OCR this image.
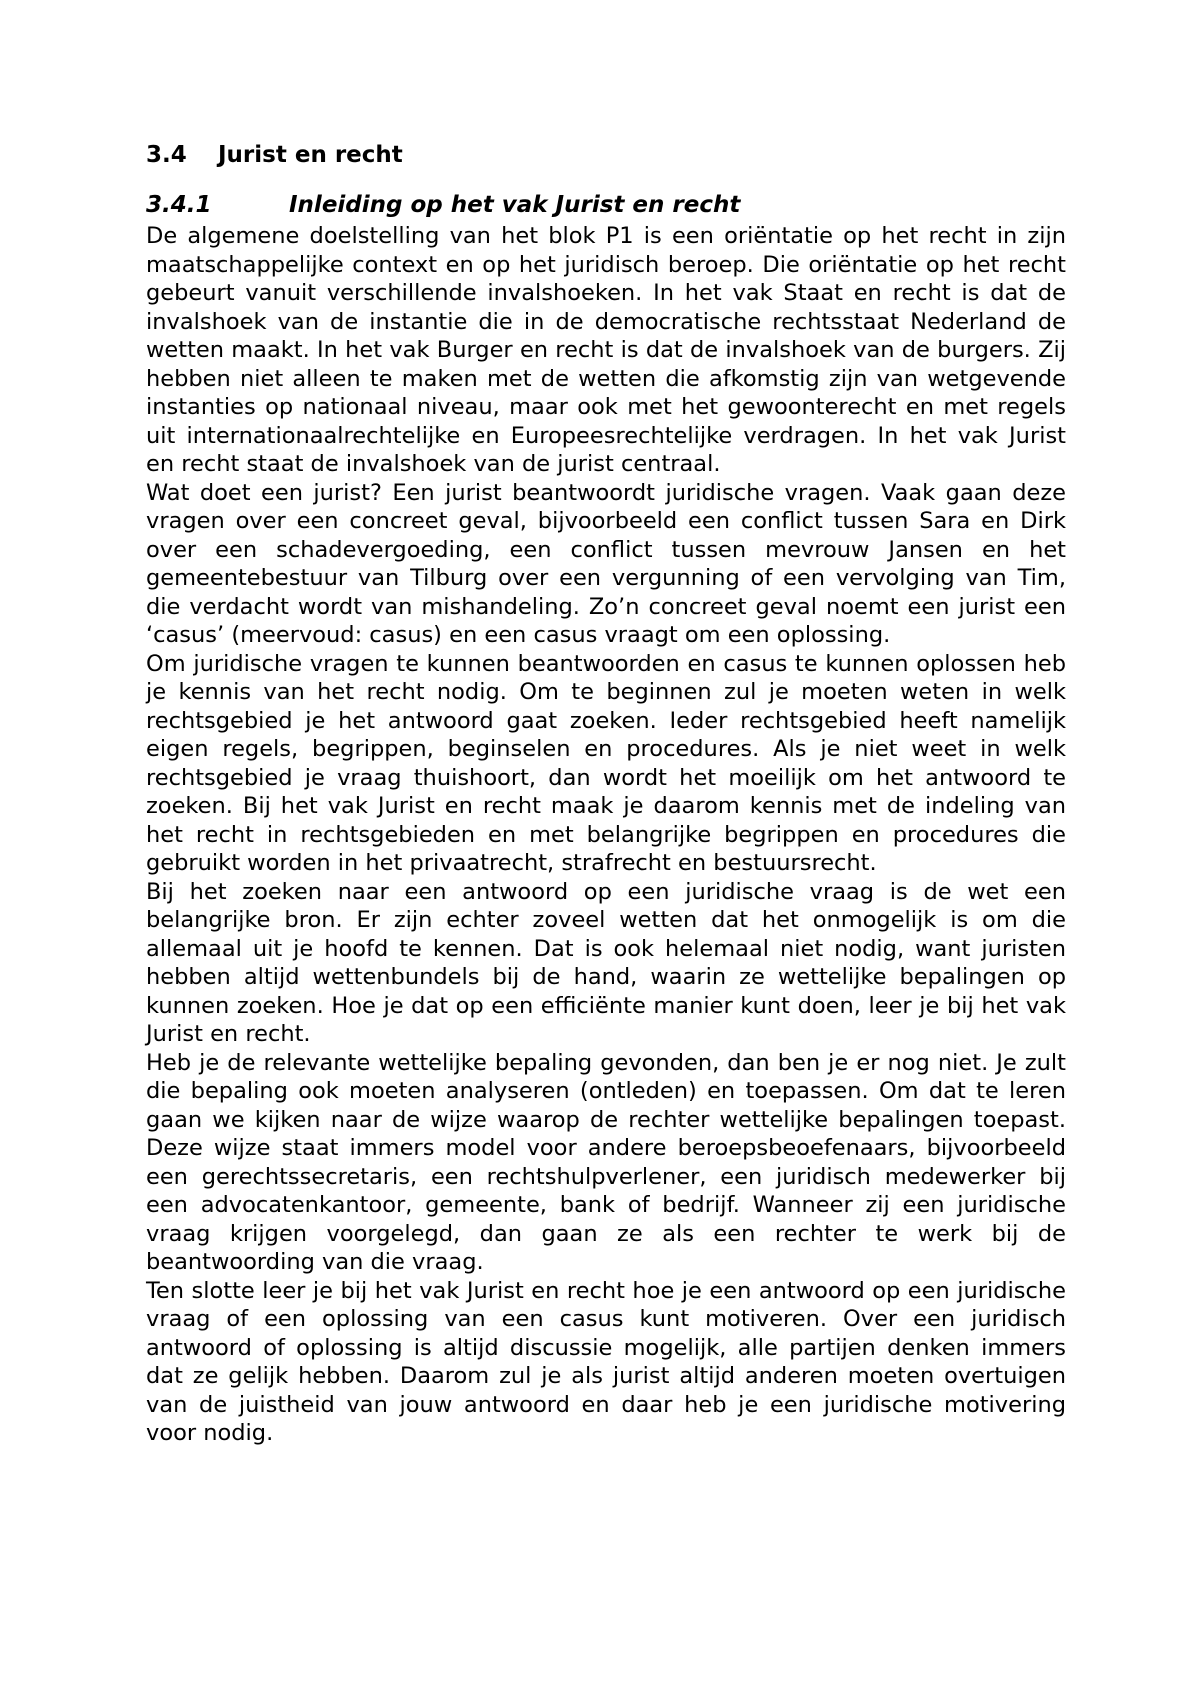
3.4 Jurist en recht
3.4.1	Inleiding op het vak Jurist en recht

De algemene doelstelling van het blok P1 is een oriëntatie op het recht in zijn maatschappelijke context en op het juridisch beroep. Die oriëntatie op het recht gebeurt vanuit verschillende invalshoeken. In het vak Staat en recht is dat de invalshoek van de instantie die in de democratische rechtsstaat Nederland de wetten maakt. In het vak Burger en recht is dat de invalshoek van de burgers. Zij hebben niet alleen te maken met de wetten die afkomstig zijn van wetgevende instanties op nationaal niveau, maar ook met het gewoonterecht en met regels uit internationaalrechtelijke en Europeesrechtelijke verdragen. In het vak Jurist en recht staat de invalshoek van de jurist centraal.

Wat doet een jurist? Een jurist beantwoordt juridische vragen. Vaak gaan deze vragen over een concreet geval, bijvoorbeeld een conflict tussen Sara en Dirk over een schadevergoeding, een conflict tussen mevrouw Jansen en het gemeentebestuur van Tilburg over een vergunning of een vervolging van Tim, die verdacht wordt van mishandeling. Zo’n concreet geval noemt een jurist een ‘casus’ (meervoud: casus) en een casus vraagt om een oplossing.

Om juridische vragen te kunnen beantwoorden en casus te kunnen oplossen heb je kennis van het recht nodig. Om te beginnen zul je moeten weten in welk rechtsgebied je het antwoord gaat zoeken. Ieder rechtsgebied heeft namelijk eigen regels, begrippen, beginselen en procedures. Als je niet weet in welk rechtsgebied je vraag thuishoort, dan wordt het moeilijk om het antwoord te zoeken. Bij het vak Jurist en recht maak je daarom kennis met de indeling van het recht in rechtsgebieden en met belangrijke begrippen en procedures die gebruikt worden in het privaatrecht, strafrecht en bestuursrecht.

Bij het zoeken naar een antwoord op een juridische vraag is de wet een belangrijke bron. Er zijn echter zoveel wetten dat het onmogelijk is om die allemaal uit je hoofd te kennen. Dat is ook helemaal niet nodig, want juristen hebben altijd wettenbundels bij de hand, waarin ze wettelijke bepalingen op kunnen zoeken. Hoe je dat op een efficiënte manier kunt doen, leer je bij het vak Jurist en recht.

Heb je de relevante wettelijke bepaling gevonden, dan ben je er nog niet. Je zult die bepaling ook moeten analyseren (ontleden) en toepassen. Om dat te leren gaan we kijken naar de wijze waarop de rechter wettelijke bepalingen toepast. Deze wijze staat immers model voor andere beroepsbeoefenaars, bijvoorbeeld een gerechtssecretaris, een rechtshulpverlener, een juridisch medewerker bij een advocatenkantoor, gemeente, bank of bedrijf. Wanneer zij een juridische vraag krijgen voorgelegd, dan gaan ze als een rechter te werk bij de beantwoording van die vraag.

Ten slotte leer je bij het vak Jurist en recht hoe je een antwoord op een juridische vraag of een oplossing van een casus kunt motiveren. Over een juridisch antwoord of oplossing is altijd discussie mogelijk, alle partijen denken immers dat ze gelijk hebben. Daarom zul je als jurist altijd anderen moeten overtuigen van de juistheid van jouw antwoord en daar heb je een juridische motivering voor nodig.
